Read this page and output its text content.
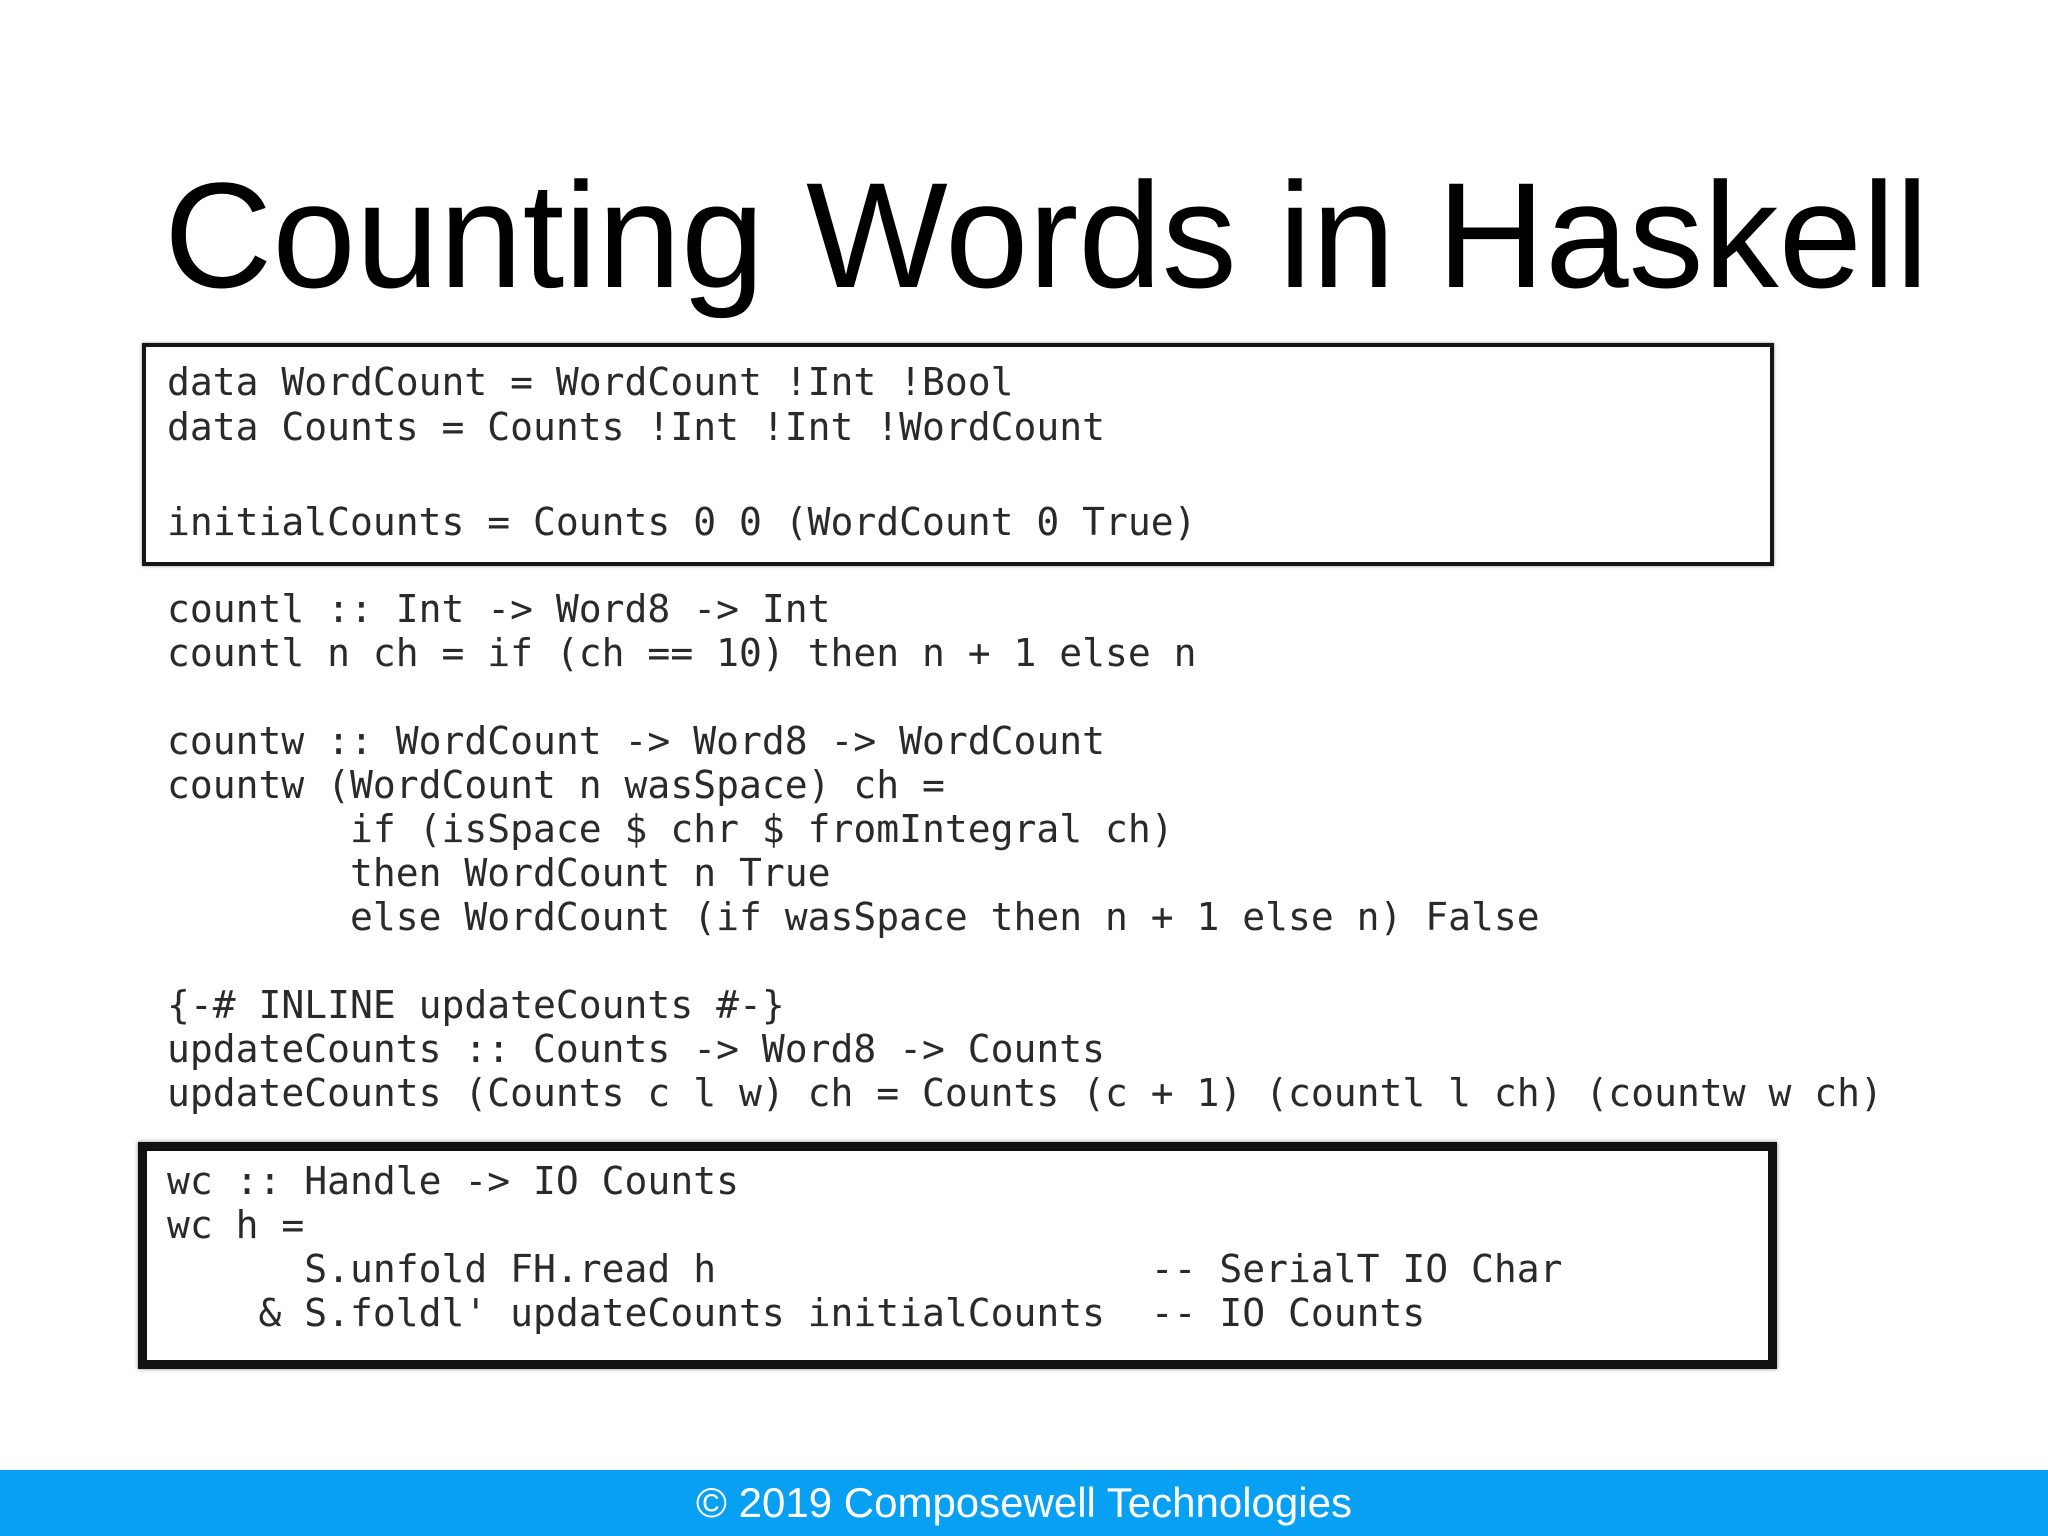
Counting Words in Haskell
data WordCount = WordCount !Int !Bool
data Counts = Counts !Int !Int !WordCount
initialCounts = Counts 0 0 (WordCount 0 True)
countl :: Int -> Word8 -> Int
countl n ch = if (ch == 10) then n + 1 else n
countw :: WordCount -> Word8 -> WordCount
countw (WordCount n wasSpace) ch =
if (isSpace $ chr $ fromIntegral ch)
then WordCount n True
else WordCount (if wasSpace then n + 1 else n) False
{-# INLINE updateCounts #-}
updateCounts :: Counts -> Word8 -> Counts
updateCounts (Counts c l w) ch = Counts (c + 1) (countl l ch) (countw w ch)
wc :: Handle -> IO Counts
wc h =
S.unfold FH.read h                   -- SerialT IO Char
& S.foldl' updateCounts initialCounts  -- IO Counts
© 2019 Composewell Technologies
